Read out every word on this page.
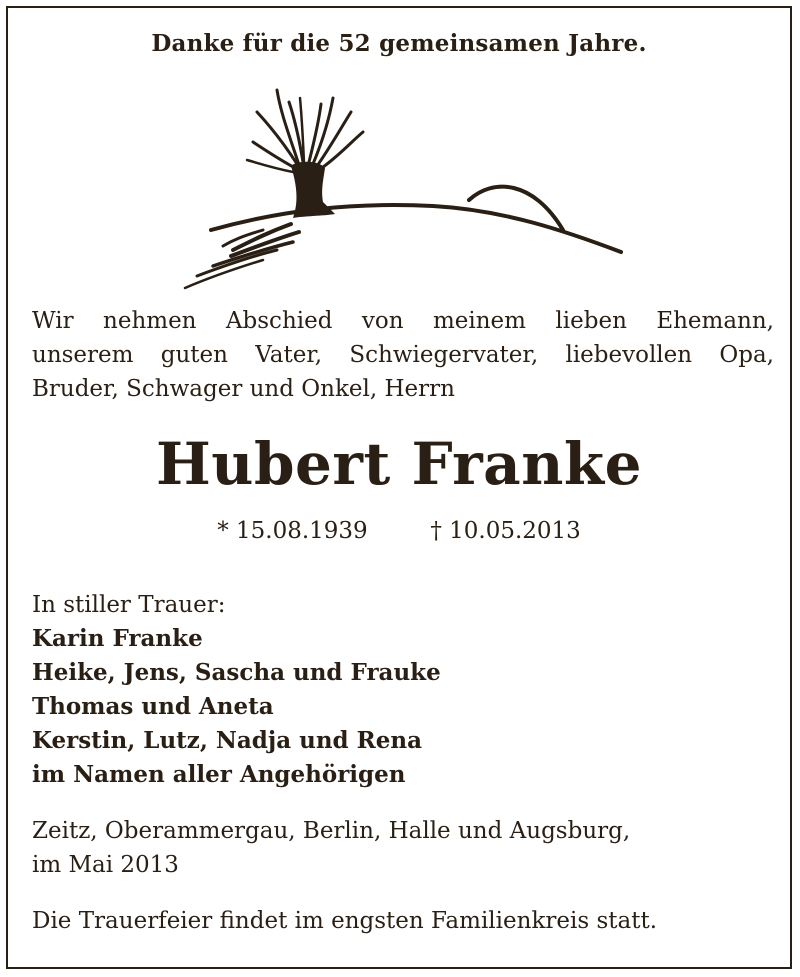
Danke für die 52 gemeinsamen Jahre.
Wir nehmen Abschied von meinem lieben Ehemann,
unserem guten Vater, Schwiegervater, liebevollen Opa,
Bruder, Schwager und Onkel, Herrn
Hubert Franke
* 15.08.1939	† 10.05.2013
In stiller Trauer:
Karin Franke
Heike, Jens, Sascha und Frauke
Thomas und Aneta
Kerstin, Lutz, Nadja und Rena
im Namen aller Angehörigen
Zeitz, Oberammergau, Berlin, Halle und Augsburg,
im Mai 2013
Die Trauerfeier findet im engsten Familienkreis statt.
